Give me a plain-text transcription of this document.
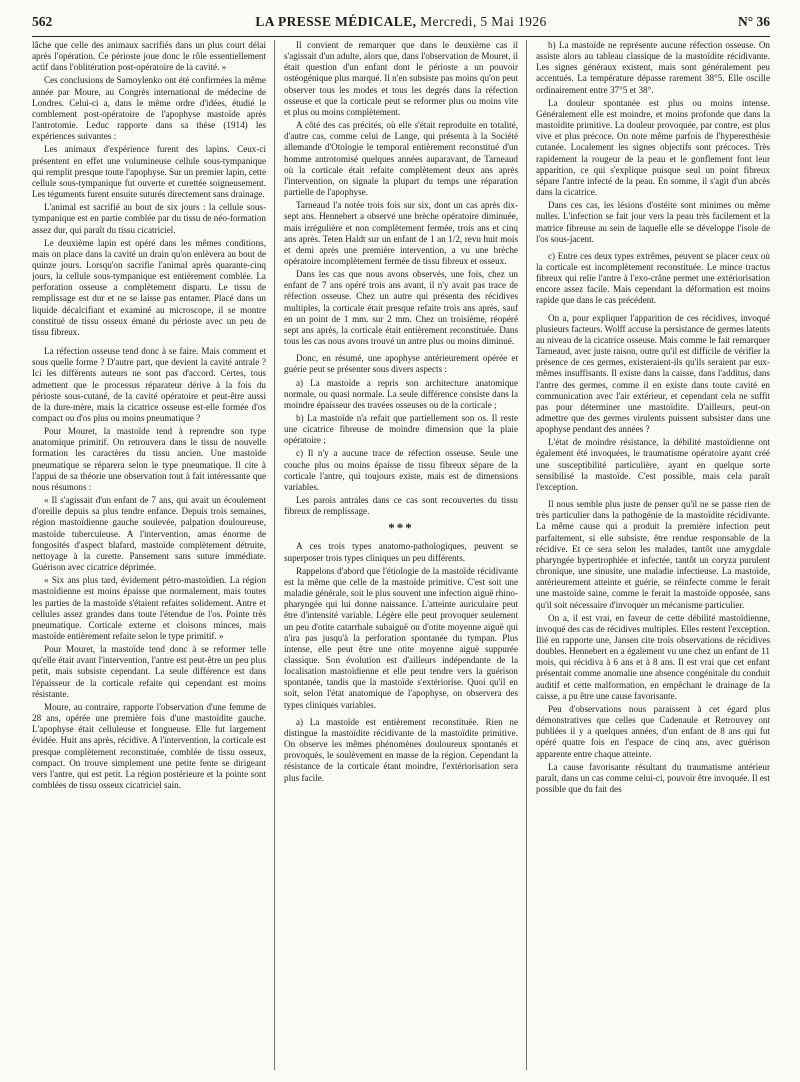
562	LA PRESSE MÉDICALE, Mercredi, 5 Mai 1926	N° 36

lâche que celle des animaux sacrifiés dans un plus court délai après l'opération. Ce périoste joue donc le rôle essentiellement actif dans l'oblitération post-opératoire de la cavité. »

Ces conclusions de Samoylenko ont été confirmées la même année par Moure, au Congrès international de médecine de Londres. Celui-ci a, dans le même ordre d'idées, étudié le comblement post-opératoire de l'apophyse mastoïde après l'antrotomie. Leduc rapporte dans sa thèse (1914) les expériences suivantes :

Les animaux d'expérience furent des lapins. Ceux-ci présentent en effet une volumineuse cellule sous-tympanique qui remplit presque toute l'apophyse. Sur un premier lapin, cette cellule sous-tympanique fut ouverte et curettée soigneusement. Les téguments furent ensuite suturés directement sans drainage.

L'animal est sacrifié au bout de six jours : la cellule sous-tympanique est en partie comblée par du tissu de néo-formation assez dur, qui paraît du tissu cicatriciel.

Le deuxième lapin est opéré dans les mêmes conditions, mais on place dans la cavité un drain qu'on enlèvera au bout de quinze jours. Lorsqu'on sacrifie l'animal après quarante-cinq jours, la cellule sous-tympanique est entièrement comblée. La perforation osseuse a complètement disparu. Le tissu de remplissage est dur et ne se laisse pas entamer. Placé dans un liquide décalcifiant et examiné au microscope, il se montre constitué de tissu osseux émané du périoste avec un peu de tissu fibreux.

La réfection osseuse tend donc à se faire. Mais comment et sous quelle forme ? D'autre part, que devient la cavité antrale ? Ici les différents auteurs ne sont pas d'accord. Certes, tous admettent que le processus réparateur dérive à la fois du périoste sous-cutané, de la cavité opératoire et peut-être aussi de la dure-mère, mais la cicatrice osseuse est-elle formée d'os compact ou d'os plus ou moins pneumatique ?

Pour Mouret, la mastoïde tend à reprendre son type anatomique primitif. On retrouvera dans le tissu de nouvelle formation les caractères du tissu ancien. Une mastoïde pneumatique se réparera selon le type pneumatique. Il cite à l'appui de sa théorie une observation tout à fait intéressante que nous résumons :

« Il s'agissait d'un enfant de 7 ans, qui avait un écoulement d'oreille depuis sa plus tendre enfance. Depuis trois semaines, région mastoïdienne gauche soulevée, palpation douloureuse, mastoïde tuberculeuse. A l'intervention, amas énorme de fongosités d'aspect blafard, mastoïde complètement détruite, nettoyage à la curette. Pansement sans suture immédiate. Guérison avec cicatrice déprimée.

« Six ans plus tard, évidement pétro-mastoïdien. La région mastoïdienne est moins épaisse que normalement, mais toutes les parties de la mastoïde s'étaient refaites solidement. Antre et cellules assez grandes dans toute l'étendue de l'os. Pointe très pneumatique. Corticale externe et cloisons minces, mais mastoïde entièrement refaite selon le type primitif. »

Pour Mouret, la mastoïde tend donc à se reformer telle qu'elle était avant l'intervention, l'antre est peut-être un peu plus petit, mais subsiste cependant. La seule différence est dans l'épaisseur de la corticale refaite qui cependant est moins résistante.

Moure, au contraire, rapporte l'observation d'une femme de 28 ans, opérée une première fois d'une mastoïdite gauche. L'apophyse était celluleuse et fongueuse. Elle fut largement évidée. Huit ans après, récidive. A l'intervention, la corticale est presque complètement reconstituée, comblée de tissu osseux, compact. On trouve simplement une petite fente se dirigeant vers l'antre, qui est petit. La région postérieure et la pointe sont comblées de tissu osseux cicatriciel sain.

Il convient de remarquer que dans le deuxième cas il s'agissait d'un adulte, alors que, dans l'observation de Mouret, il était question d'un enfant dont le périoste a un pouvoir ostéogénique plus marqué. Il n'en subsiste pas moins qu'on peut observer tous les modes et tous les degrés dans la réfection osseuse et que la corticale peut se reformer plus ou moins vite et plus ou moins complètement.

A côté des cas précités, où elle s'était reproduite en totalité, d'autre cas, comme celui de Lange, qui présenta à la Société allemande d'Otologie le temporal entièrement reconstitué d'un homme antrotomisé quelques années auparavant, de Tarneaud où la corticale était refaite complètement deux ans après l'intervention, on signale la plupart du temps une réparation partielle de l'apophyse.

Tarneaud l'a notée trois fois sur six, dont un cas après dix-sept ans. Hennebert a observé une brèche opératoire diminuée, mais irrégulière et non complètement fermée, trois ans et cinq ans après. Teten Haldt sur un enfant de 1 an 1/2, revu huit mois et demi après une première intervention, a vu une brèche opératoire incomplètement fermée de tissu fibreux et osseux.

Dans les cas que nous avons observés, une fois, chez un enfant de 7 ans opéré trois ans avant, il n'y avait pas trace de réfection osseuse. Chez un autre qui présenta des récidives multiples, la corticale était presque refaite trois ans après, sauf en un point de 1 mm. sur 2 mm. Chez un troisième, réopéré sept ans après, la corticale était entièrement reconstituée. Dans tous les cas nous avons trouvé un antre plus ou moins diminué.

Donc, en résumé, une apophyse antérieurement opérée et guérie peut se présenter sous divers aspects :

a) La mastoïde a repris son architecture anatomique normale, ou quasi normale. La seule différence consiste dans la moindre épaisseur des travées osseuses ou de la corticale ;

b) La mastoïde n'a refait que partiellement son os. Il reste une cicatrice fibreuse de moindre dimension que la plaie opératoire ;

c) Il n'y a aucune trace de réfection osseuse. Seule une couche plus ou moins épaisse de tissu fibreux sépare de la corticale l'antre, qui toujours existe, mais est de dimensions variables.

Les parois antrales dans ce cas sont recouvertes du tissu fibreux de remplissage.

***

A ces trois types anatomo-pathologiques, peuvent se superposer trois types cliniques un peu différents.

Rappelons d'abord que l'étiologie de la mastoïde récidivante est la même que celle de la mastoïde primitive. C'est soit une maladie générale, soit le plus souvent une infection aiguë rhino-pharyngée qui lui donne naissance. L'atteinte auriculaire peut être d'intensité variable. Légère elle peut provoquer seulement un peu d'otite catarrhale subaiguë ou d'otite moyenne aiguë qui n'ira pas jusqu'à la perforation spontanée du tympan. Plus intense, elle peut être une otite moyenne aiguë suppurée classique. Son évolution est d'ailleurs indépendante de la localisation mastoïdienne et elle peut tendre vers la guérison spontanée, tandis que la mastoïde s'extériorise. Quoi qu'il en soit, selon l'état anatomique de l'apophyse, on observera des types cliniques variables.

a) La mastoïde est entièrement reconstituée. Rien ne distingue la mastoïdite récidivante de la mastoïdite primitive. On observe les mêmes phénomènes douloureux spontanés et provoqués, le soulèvement en masse de la région. Cependant la résistance de la corticale étant moindre, l'extériorisation sera plus facile.

b) La mastoïde ne représente aucune réfection osseuse. On assiste alors au tableau classique de la mastoïdite récidivante. Les signes généraux existent, mais sont généralement peu accentués. La température dépasse rarement 38°5. Elle oscille ordinairement entre 37°5 et 38°.

La douleur spontanée est plus ou moins intense. Généralement elle est moindre, et moins profonde que dans la mastoïdite primitive. La douleur provoquée, par contre, est plus vive et plus précoce. On note même parfois de l'hyperesthésie cutanée. Localement les signes objectifs sont précoces. Très rapidement la rougeur de la peau et le gonflement font leur apparition, ce qui s'explique puisque seul un point fibreux sépare l'antre infecté de la peau. En somme, il s'agit d'un abcès dans la cicatrice.

Dans ces cas, les lésions d'ostéite sont minimes ou même nulles. L'infection se fait jour vers la peau très facilement et la matrice fibreuse au sein de laquelle elle se développe l'isole de l'os sous-jacent.

c) Entre ces deux types extrêmes, peuvent se placer ceux où la corticale est incomplètement reconstituée. Le mince tractus fibreux qui relie l'antre à l'exo-crâne permet une extériorisation encore assez facile. Mais cependant la déformation est moins rapide que dans le cas précédent.

On a, pour expliquer l'apparition de ces récidives, invoqué plusieurs facteurs. Wolff accuse la persistance de germes latents au niveau de la cicatrice osseuse. Mais comme le fait remarquer Tarneaud, avec juste raison, outre qu'il est difficile de vérifier la présence de ces germes, existeraient-ils qu'ils seraient par eux-mêmes insuffisants. Il existe dans la caisse, dans l'additus, dans l'antre des germes, comme il en existe dans toute cavité en communication avec l'air extérieur, et cependant cela ne suffit pas pour déterminer une mastoïdite. D'ailleurs, peut-on admettre que des germes virulents puissent subsister dans une apophyse pendant des années ?

L'état de moindre résistance, la débilité mastoïdienne ont également été invoquées, le traumatisme opératoire ayant créé une susceptibilité particulière, ayant en quelque sorte sensibilisé la mastoïde. C'est possible, mais cela paraît l'exception.

Il nous semble plus juste de penser qu'il ne se passe rien de très particulier dans la pathogénie de la mastoïdite récidivante. La même cause qui a produit la première infection peut parfaitement, si elle subsiste, être rendue responsable de la récidive. Et ce sera selon les malades, tantôt une amygdale pharyngée hypertrophiée et infectée, tantôt un coryza purulent chronique, une sinusite, une maladie infectieuse. La mastoïde, antérieurement atteinte et guérie, se réinfecte comme le ferait une mastoïde saine, comme le ferait la mastoïde opposée, sans qu'il soit nécessaire d'invoquer un mécanisme particulier.

On a, il est vrai, en faveur de cette débilité mastoïdienne, invoqué des cas de récidives multiples. Elles restent l'exception. Ilié en rapporte une, Jansen cite trois observations de récidives doubles. Hennebert en a également vu une chez un enfant de 11 mois, qui récidiva à 6 ans et à 8 ans. Il est vrai que cet enfant présentait comme anomalie une absence congénitale du conduit auditif et cette malformation, en empêchant le drainage de la caisse, a pu être une cause favorisante.

Peu d'observations nous paraissent à cet égard plus démonstratives que celles que Cadenaule et Retrouvey ont publiées il y a quelques années, d'un enfant de 8 ans qui fut opéré quatre fois en l'espace de cinq ans, avec guérison apparente entre chaque atteinte.

La cause favorisante résultant du traumatisme antérieur paraît, dans un cas comme celui-ci, pouvoir être invoquée. Il est possible que du fait des
